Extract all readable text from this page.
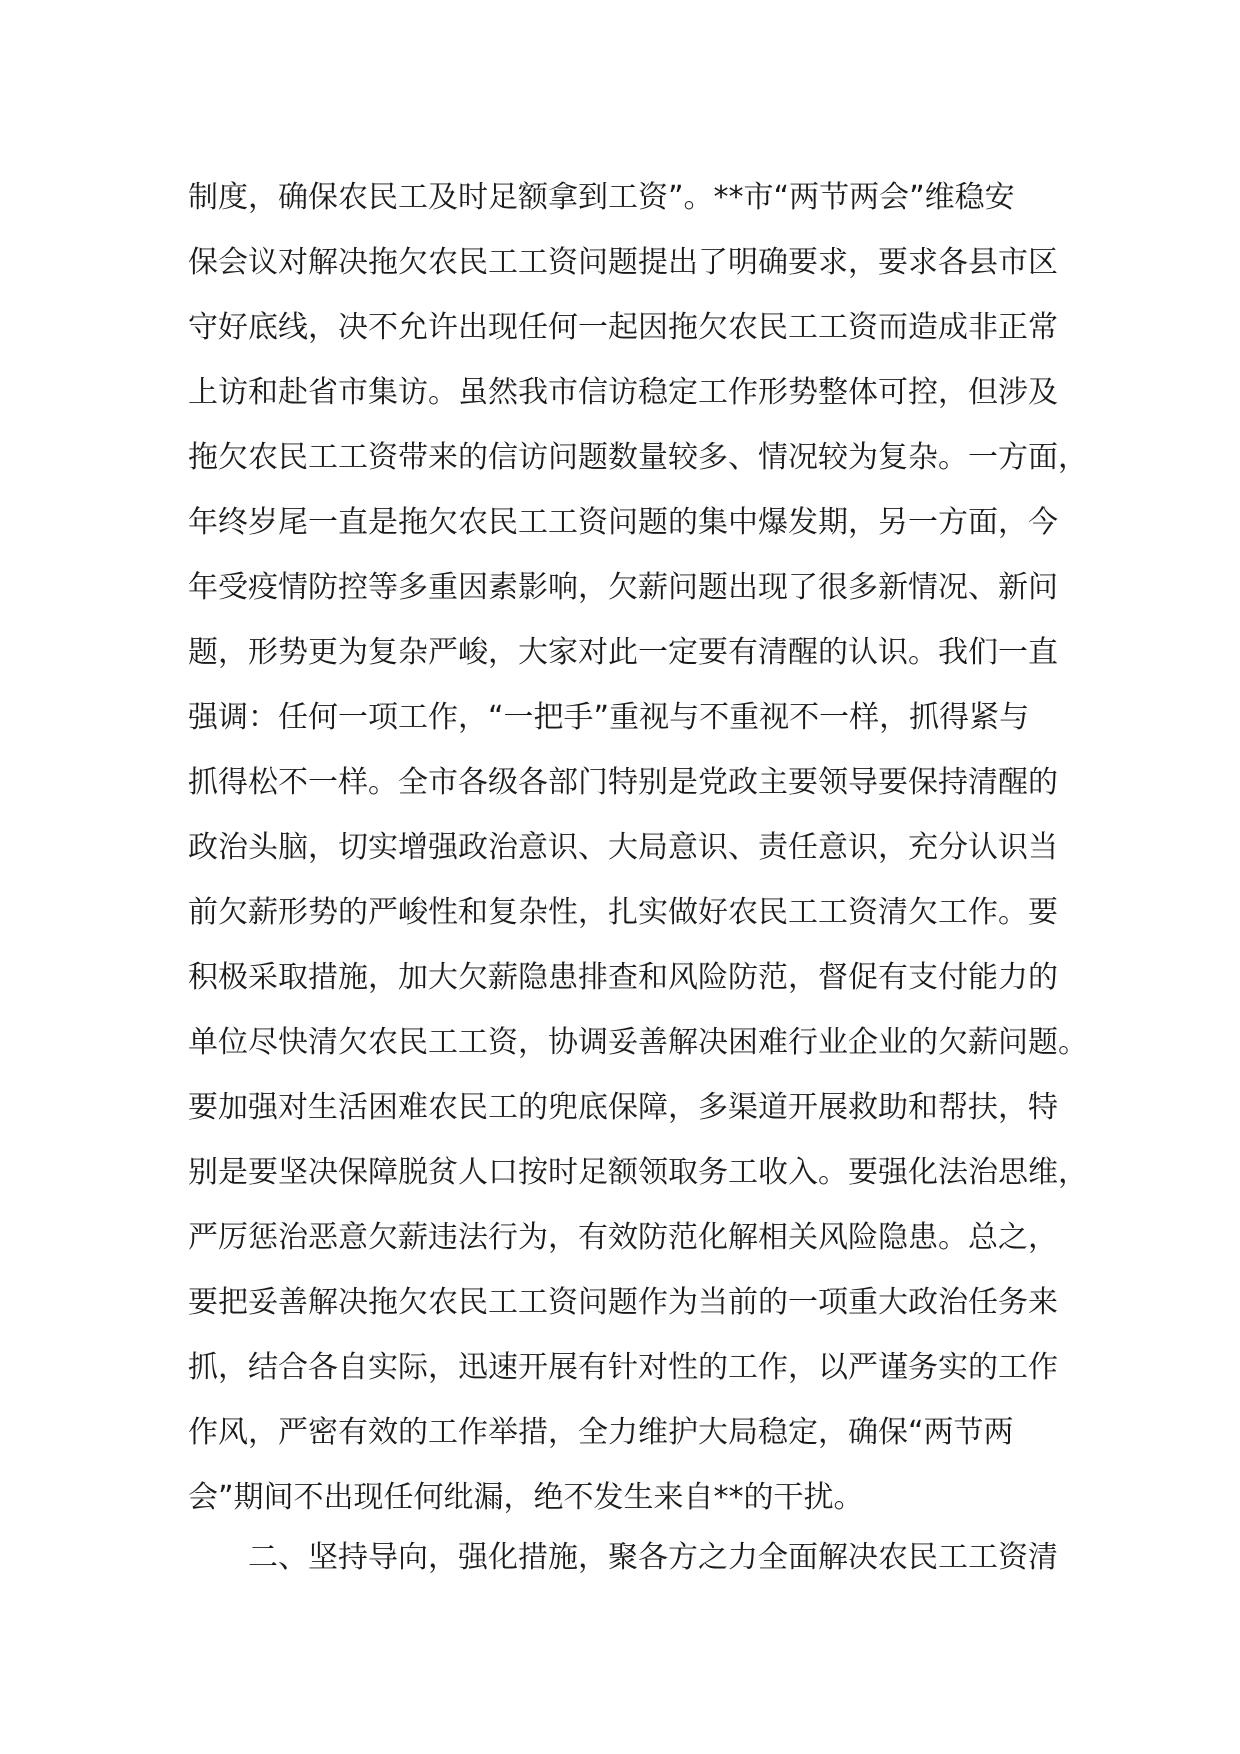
制度，确保农民工及时足额拿到工资”。**市“两节两会”维稳安
保会议对解决拖欠农民工工资问题提出了明确要求，要求各县市区
守好底线，决不允许出现任何一起因拖欠农民工工资而造成非正常
上访和赴省市集访。虽然我市信访稳定工作形势整体可控，但涉及
拖欠农民工工资带来的信访问题数量较多、情况较为复杂。一方面，
年终岁尾一直是拖欠农民工工资问题的集中爆发期，另一方面，今
年受疫情防控等多重因素影响，欠薪问题出现了很多新情况、新问
题，形势更为复杂严峻，大家对此一定要有清醒的认识。我们一直
强调：任何一项工作，“一把手”重视与不重视不一样，抓得紧与
抓得松不一样。全市各级各部门特别是党政主要领导要保持清醒的
政治头脑，切实增强政治意识、大局意识、责任意识，充分认识当
前欠薪形势的严峻性和复杂性，扎实做好农民工工资清欠工作。要
积极采取措施，加大欠薪隐患排查和风险防范，督促有支付能力的
单位尽快清欠农民工工资，协调妥善解决困难行业企业的欠薪问题。
要加强对生活困难农民工的兜底保障，多渠道开展救助和帮扶，特
别是要坚决保障脱贫人口按时足额领取务工收入。要强化法治思维，
严厉惩治恶意欠薪违法行为，有效防范化解相关风险隐患。总之，
要把妥善解决拖欠农民工工资问题作为当前的一项重大政治任务来
抓，结合各自实际，迅速开展有针对性的工作，以严谨务实的工作
作风，严密有效的工作举措，全力维护大局稳定，确保“两节两
会”期间不出现任何纰漏，绝不发生来自**的干扰。
二、坚持导向，强化措施，聚各方之力全面解决农民工工资清
